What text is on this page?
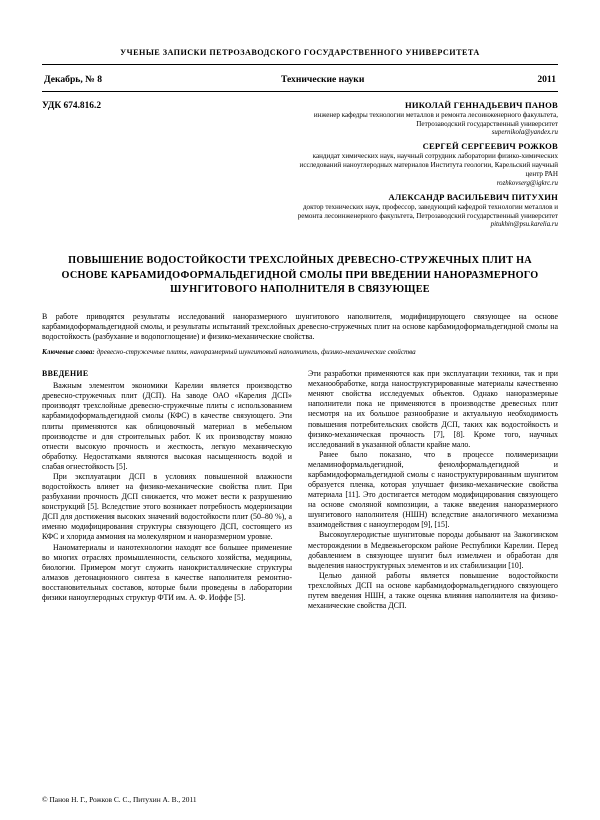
УЧЕНЫЕ ЗАПИСКИ ПЕТРОЗАВОДСКОГО ГОСУДАРСТВЕННОГО УНИВЕРСИТЕТА
Декабрь, № 8	Технические науки	2011
УДК 674.816.2	НИКОЛАЙ ГЕННАДЬЕВИЧ ПАНОВ
инженер кафедры технологии металлов и ремонта лесоинженерного факультета, Петрозаводский государственный университет
supernikola@yandex.ru
СЕРГЕЙ СЕРГЕЕВИЧ РОЖКОВ
кандидат химических наук, научный сотрудник лаборатории физико-химических исследований наноуглеродных материалов Института геологии, Карельский научный центр РАН
rozhkovserg@igkrc.ru
АЛЕКСАНДР ВАСИЛЬЕВИЧ ПИТУХИН
доктор технических наук, профессор, заведующий кафедрой технологии металлов и ремонта лесоинженерного факультета, Петрозаводский государственный университет
pitukhin@psu.karelia.ru
ПОВЫШЕНИЕ ВОДОСТОЙКОСТИ ТРЕХСЛОЙНЫХ ДРЕВЕСНО-СТРУЖЕЧНЫХ ПЛИТ НА ОСНОВЕ КАРБАМИДОФОРМАЛЬДЕГИДНОЙ СМОЛЫ ПРИ ВВЕДЕНИИ НАНОРАЗМЕРНОГО ШУНГИТОВОГО НАПОЛНИТЕЛЯ В СВЯЗУЮЩЕЕ
В работе приводятся результаты исследований наноразмерного шунгитового наполнителя, модифицирующего связующее на основе карбамидоформальдегидной смолы, и результаты испытаний трехслойных древесно-стружечных плит на основе карбамидоформальдегидной смолы на водостойкость (разбухание и водопоглощение) и физико-механические свойства.
Ключевые слова: древесно-стружечные плиты, наноразмерный шунгитовый наполнитель, физико-механические свойства
ВВЕДЕНИЕ

Важным элементом экономики Карелии является производство древесно-стружечных плит (ДСП). На заводе ОАО «Карелия ДСП» производят трехслойные древесно-стружечные плиты с использованием карбамидоформальдегидной смолы (КФС) в качестве связующего. Эти плиты применяются как облицовочный материал в мебельном производстве и для строительных работ. К их производству можно отнести высокую прочность и жесткость, легкую механическую обработку. Недостатками являются высокая насыщенность водой и слабая огнестойкость [5].

При эксплуатации ДСП в условиях повышенной влажности водостойкость влияет на физико-механические свойства плит. При разбухании прочность ДСП снижается, что может вести к разрушению конструкций [5]. Вследствие этого возникает потребность модернизации ДСП для достижения высоких значений водостойкости плит (50–80 %), а именно модифицирования структуры связующего ДСП, состоящего из КФС и хлорида аммония на молекулярном и наноразмерном уровне.

Наноматериалы и нанотехнологии находят все большее применение во многих отраслях промышленности, сельского хозяйства, медицины, биологии. Примером могут служить нанокристаллические структуры алмазов детонационного синтеза в качестве наполнителя ремонтно-восстановительных составов, которые были проведены в лаборатории физики наноуглеродных структур ФТИ им. А. Ф. Иоффе [5].

Эти разработки применяются как при эксплуатации техники, так и при механообработке, когда наноструктурированные материалы качественно меняют свойства исследуемых объектов. Однако наноразмерные наполнители пока не применяются в производстве древесных плит несмотря на их большое разнообразие и актуальную необходимость повышения потребительских свойств ДСП, таких как водостойкость и физико-механическая прочность [7], [8]. Кроме того, научных исследований в указанной области крайне мало.

Ранее было показано, что в процессе полимеризации меламиноформальдегидной, фенолформальдегидной и карбамидоформальдегидной смолы с наноструктурированным шунгитом образуется пленка, которая улучшает физико-механические свойства материала [11]. Это достигается методом модифицирования связующего на основе смоляной композиции, а также введения наноразмерного шунгитового наполнителя (НШН) вследствие аналогичного механизма взаимодействия с наноуглеродом [9], [15].

Высокоуглеродистые шунгитовые породы добывают на Зажогинском месторождении в Медвежьегорском районе Республики Карелии. Перед добавлением в связующее шунгит был измельчен и обработан для выделения наноструктурных элементов и их стабилизации [10].

Целью данной работы является повышение водостойкости трехслойных ДСП на основе карбамидоформальдегидного связующего путем введения НШН, а также оценка влияния наполнителя на физико-механические свойства ДСП.

© Панов Н. Г., Рожков С. С., Питухин А. В., 2011
